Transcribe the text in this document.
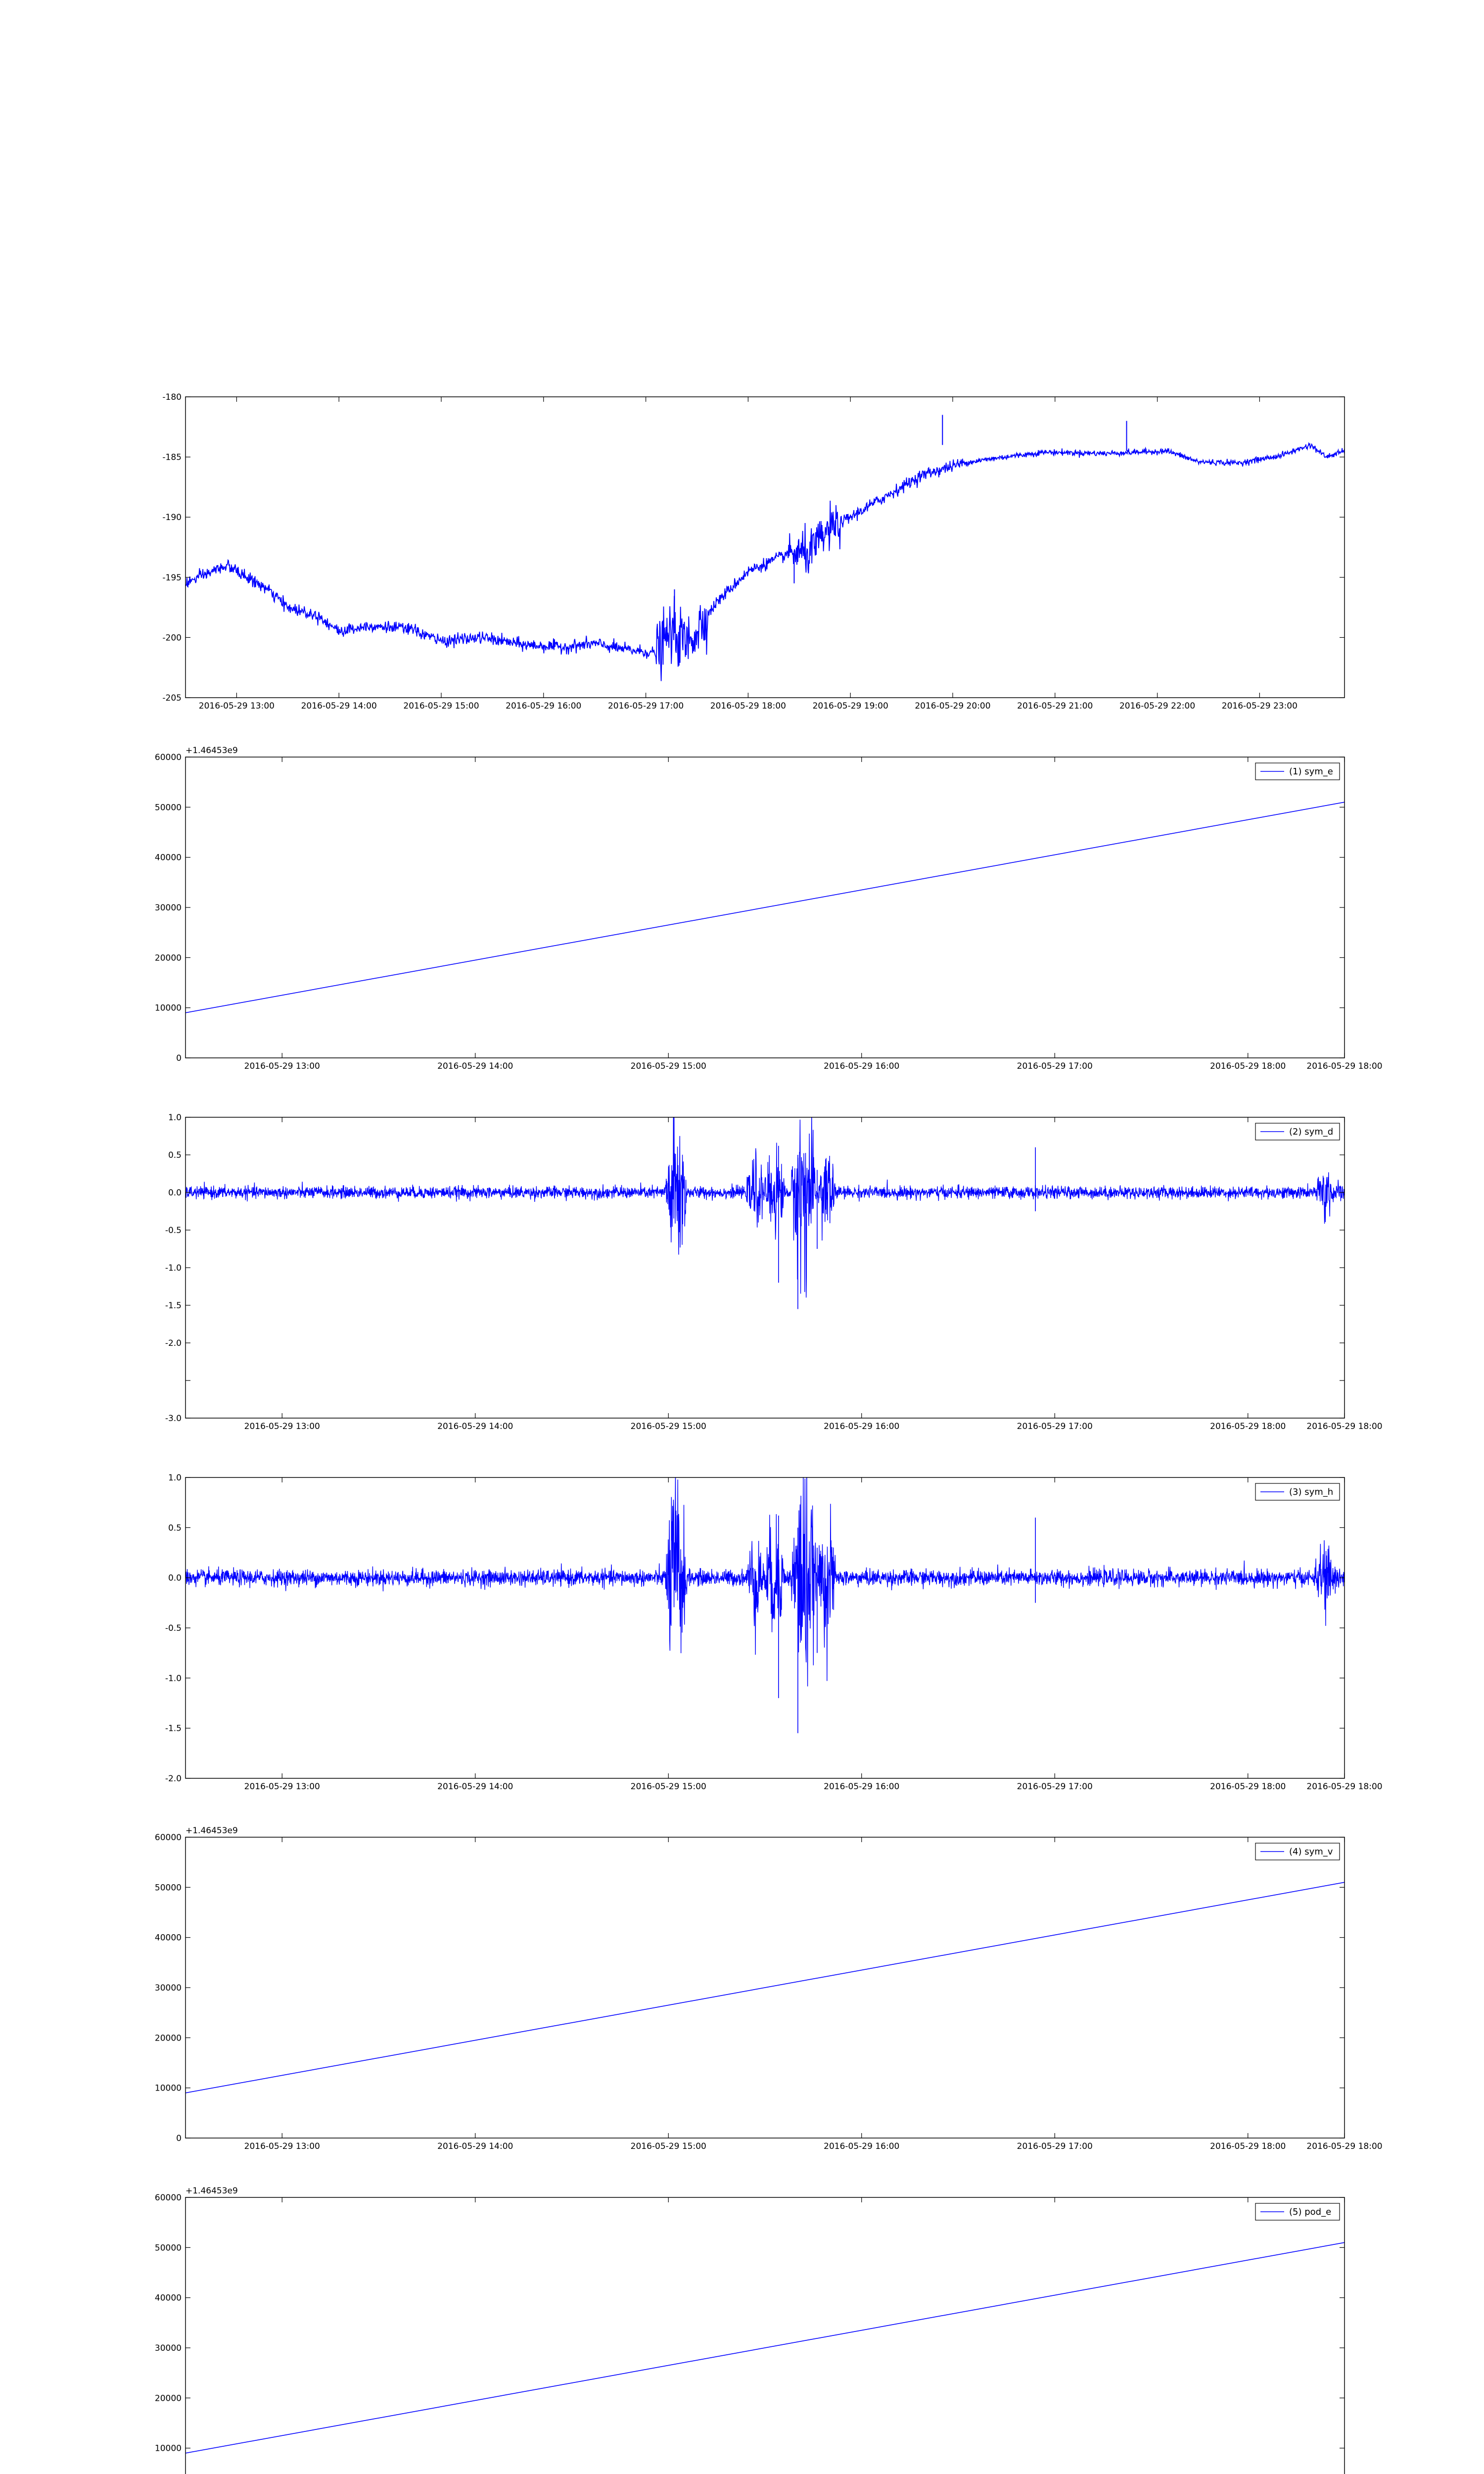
-205
-200
-195
-190
-185
-180
2016-05-29 13:00	2016-05-29 14:00	2016-05-29 15:00	2016-05-29 16:00	2016-05-29 17:00	2016-05-29 18:00	2016-05-29 19:00	2016-05-29 20:00	2016-05-29 21:00	2016-05-29 22:00	2016-05-29 23:00
0
10000
20000
30000
40000
50000
60000
2016-05-29 13:00	2016-05-29 14:00	2016-05-29 15:00	2016-05-29 16:00	2016-05-29 17:00	2016-05-29 18:00 2016-05-29 18:00
+1.46453e9
(1) sym_e
-3.0
-2.0
-1.5
-1.0
-0.5
0.0
0.5
1.0
2016-05-29 13:00	2016-05-29 14:00	2016-05-29 15:00	2016-05-29 16:00	2016-05-29 17:00	2016-05-29 18:00 2016-05-29 18:00
(2) sym_d
-2.0
-1.5
-1.0
-0.5
0.0
0.5
1.0
2016-05-29 13:00	2016-05-29 14:00	2016-05-29 15:00	2016-05-29 16:00	2016-05-29 17:00	2016-05-29 18:00 2016-05-29 18:00
(3) sym_h
0
10000
20000
30000
40000
50000
60000
2016-05-29 13:00	2016-05-29 14:00	2016-05-29 15:00	2016-05-29 16:00	2016-05-29 17:00	2016-05-29 18:00 2016-05-29 18:00
+1.46453e9
(4) sym_v
10000
20000
30000
40000
50000
60000
+1.46453e9
(5) pod_e
